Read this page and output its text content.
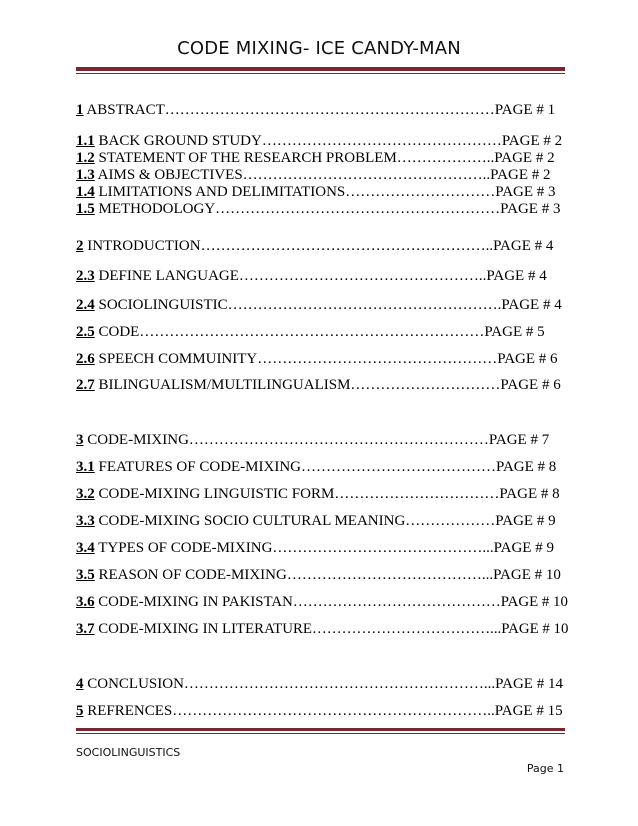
CODE MIXING- ICE CANDY-MAN
1 ABSTRACT…………………………………………………………PAGE # 1
1.1 BACK GROUND STUDY…………………………………………PAGE # 2
1.2 STATEMENT OF THE RESEARCH PROBLEM………………..PAGE # 2
1.3 AIMS & OBJECTIVES…………………………………………..PAGE # 2
1.4 LIMITATIONS AND DELIMITATIONS…………………………PAGE # 3
1.5 METHODOLOGY…………………………………………………PAGE # 3
2 INTRODUCTION…………………………………………………..PAGE # 4
2.3 DEFINE LANGUAGE…………………………………………..PAGE # 4
2.4 SOCIOLINGUISTIC……………………………………………….PAGE # 4
2.5 CODE……………………………………………………………PAGE # 5
2.6 SPEECH COMMUINITY…………………………………………PAGE # 6
2.7 BILINGUALISM/MULTILINGUALISM…………………………PAGE # 6
3 CODE-MIXING……………………………………………………PAGE # 7
3.1 FEATURES OF CODE-MIXING…………………………………PAGE # 8
3.2 CODE-MIXING LINGUISTIC FORM……………………………PAGE # 8
3.3 CODE-MIXING SOCIO CULTURAL MEANING………………PAGE # 9
3.4 TYPES OF CODE-MIXING……………………………………...PAGE # 9
3.5 REASON OF CODE-MIXING…………………………………...PAGE # 10
3.6 CODE-MIXING IN PAKISTAN……………………………………PAGE # 10
3.7 CODE-MIXING IN LITERATURE………………………………...PAGE # 10
4 CONCLUSION……………………………………………………...PAGE # 14
5 REFRENCES………………………………………………………..PAGE # 15
SOCIOLINGUISTICS
Page 1
